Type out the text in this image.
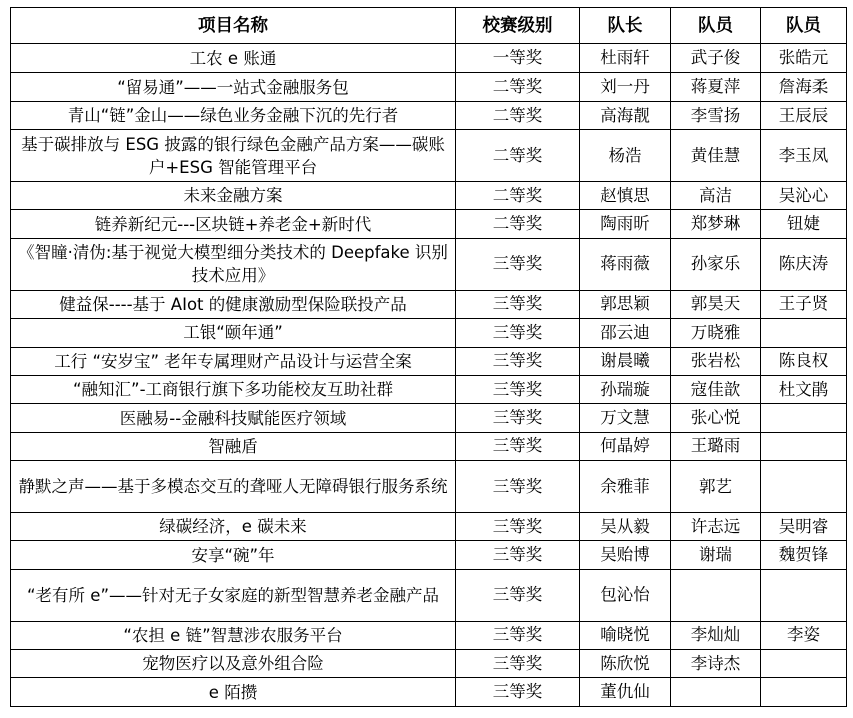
项目名称	校赛级别	队长	队员	队员
工农 e 账通	一等奖	杜雨轩	武子俊	张皓元
“留易通”——一站式金融服务包	二等奖	刘一丹	蒋夏萍	詹海柔
青山“链”金山——绿色业务金融下沉的先行者	二等奖	高海靓	李雪扬	王辰辰
基于碳排放与 ESG 披露的银行绿色金融产品方案——碳账户+ESG 智能管理平台	二等奖	杨浩	黄佳慧	李玉凤
未来金融方案	二等奖	赵慎思	高洁	吴沁心
链养新纪元---区块链+养老金+新时代	二等奖	陶雨昕	郑梦琳	钮婕
《智瞳·清伪:基于视觉大模型细分类技术的 Deepfake 识别技术应用》	三等奖	蒋雨薇	孙家乐	陈庆涛
健益保----基于 AIot 的健康激励型保险联投产品	三等奖	郭思颖	郭昊天	王子贤
工银“颐年通”	三等奖	邵云迪	万晓雅	
工行 “安岁宝” 老年专属理财产品设计与运营全案	三等奖	谢晨曦	张岩松	陈良权
“融知汇”-工商银行旗下多功能校友互助社群	三等奖	孙瑞璇	寇佳歆	杜文鹃
医融易--金融科技赋能医疗领域	三等奖	万文慧	张心悦	
智融盾	三等奖	何晶婷	王璐雨	
静默之声——基于多模态交互的聋哑人无障碍银行服务系统	三等奖	余雅菲	郭艺	
绿碳经济，e 碳未来	三等奖	吴从毅	许志远	吴明睿
安享“碗”年	三等奖	吴贻博	谢瑞	魏贺锋
“老有所 e”——针对无子女家庭的新型智慧养老金融产品	三等奖	包沁怡		
“农担 e 链”智慧涉农服务平台	三等奖	喻晓悦	李灿灿	李姿
宠物医疗以及意外组合险	三等奖	陈欣悦	李诗杰	
e 陌攒	三等奖	董仇仙		
